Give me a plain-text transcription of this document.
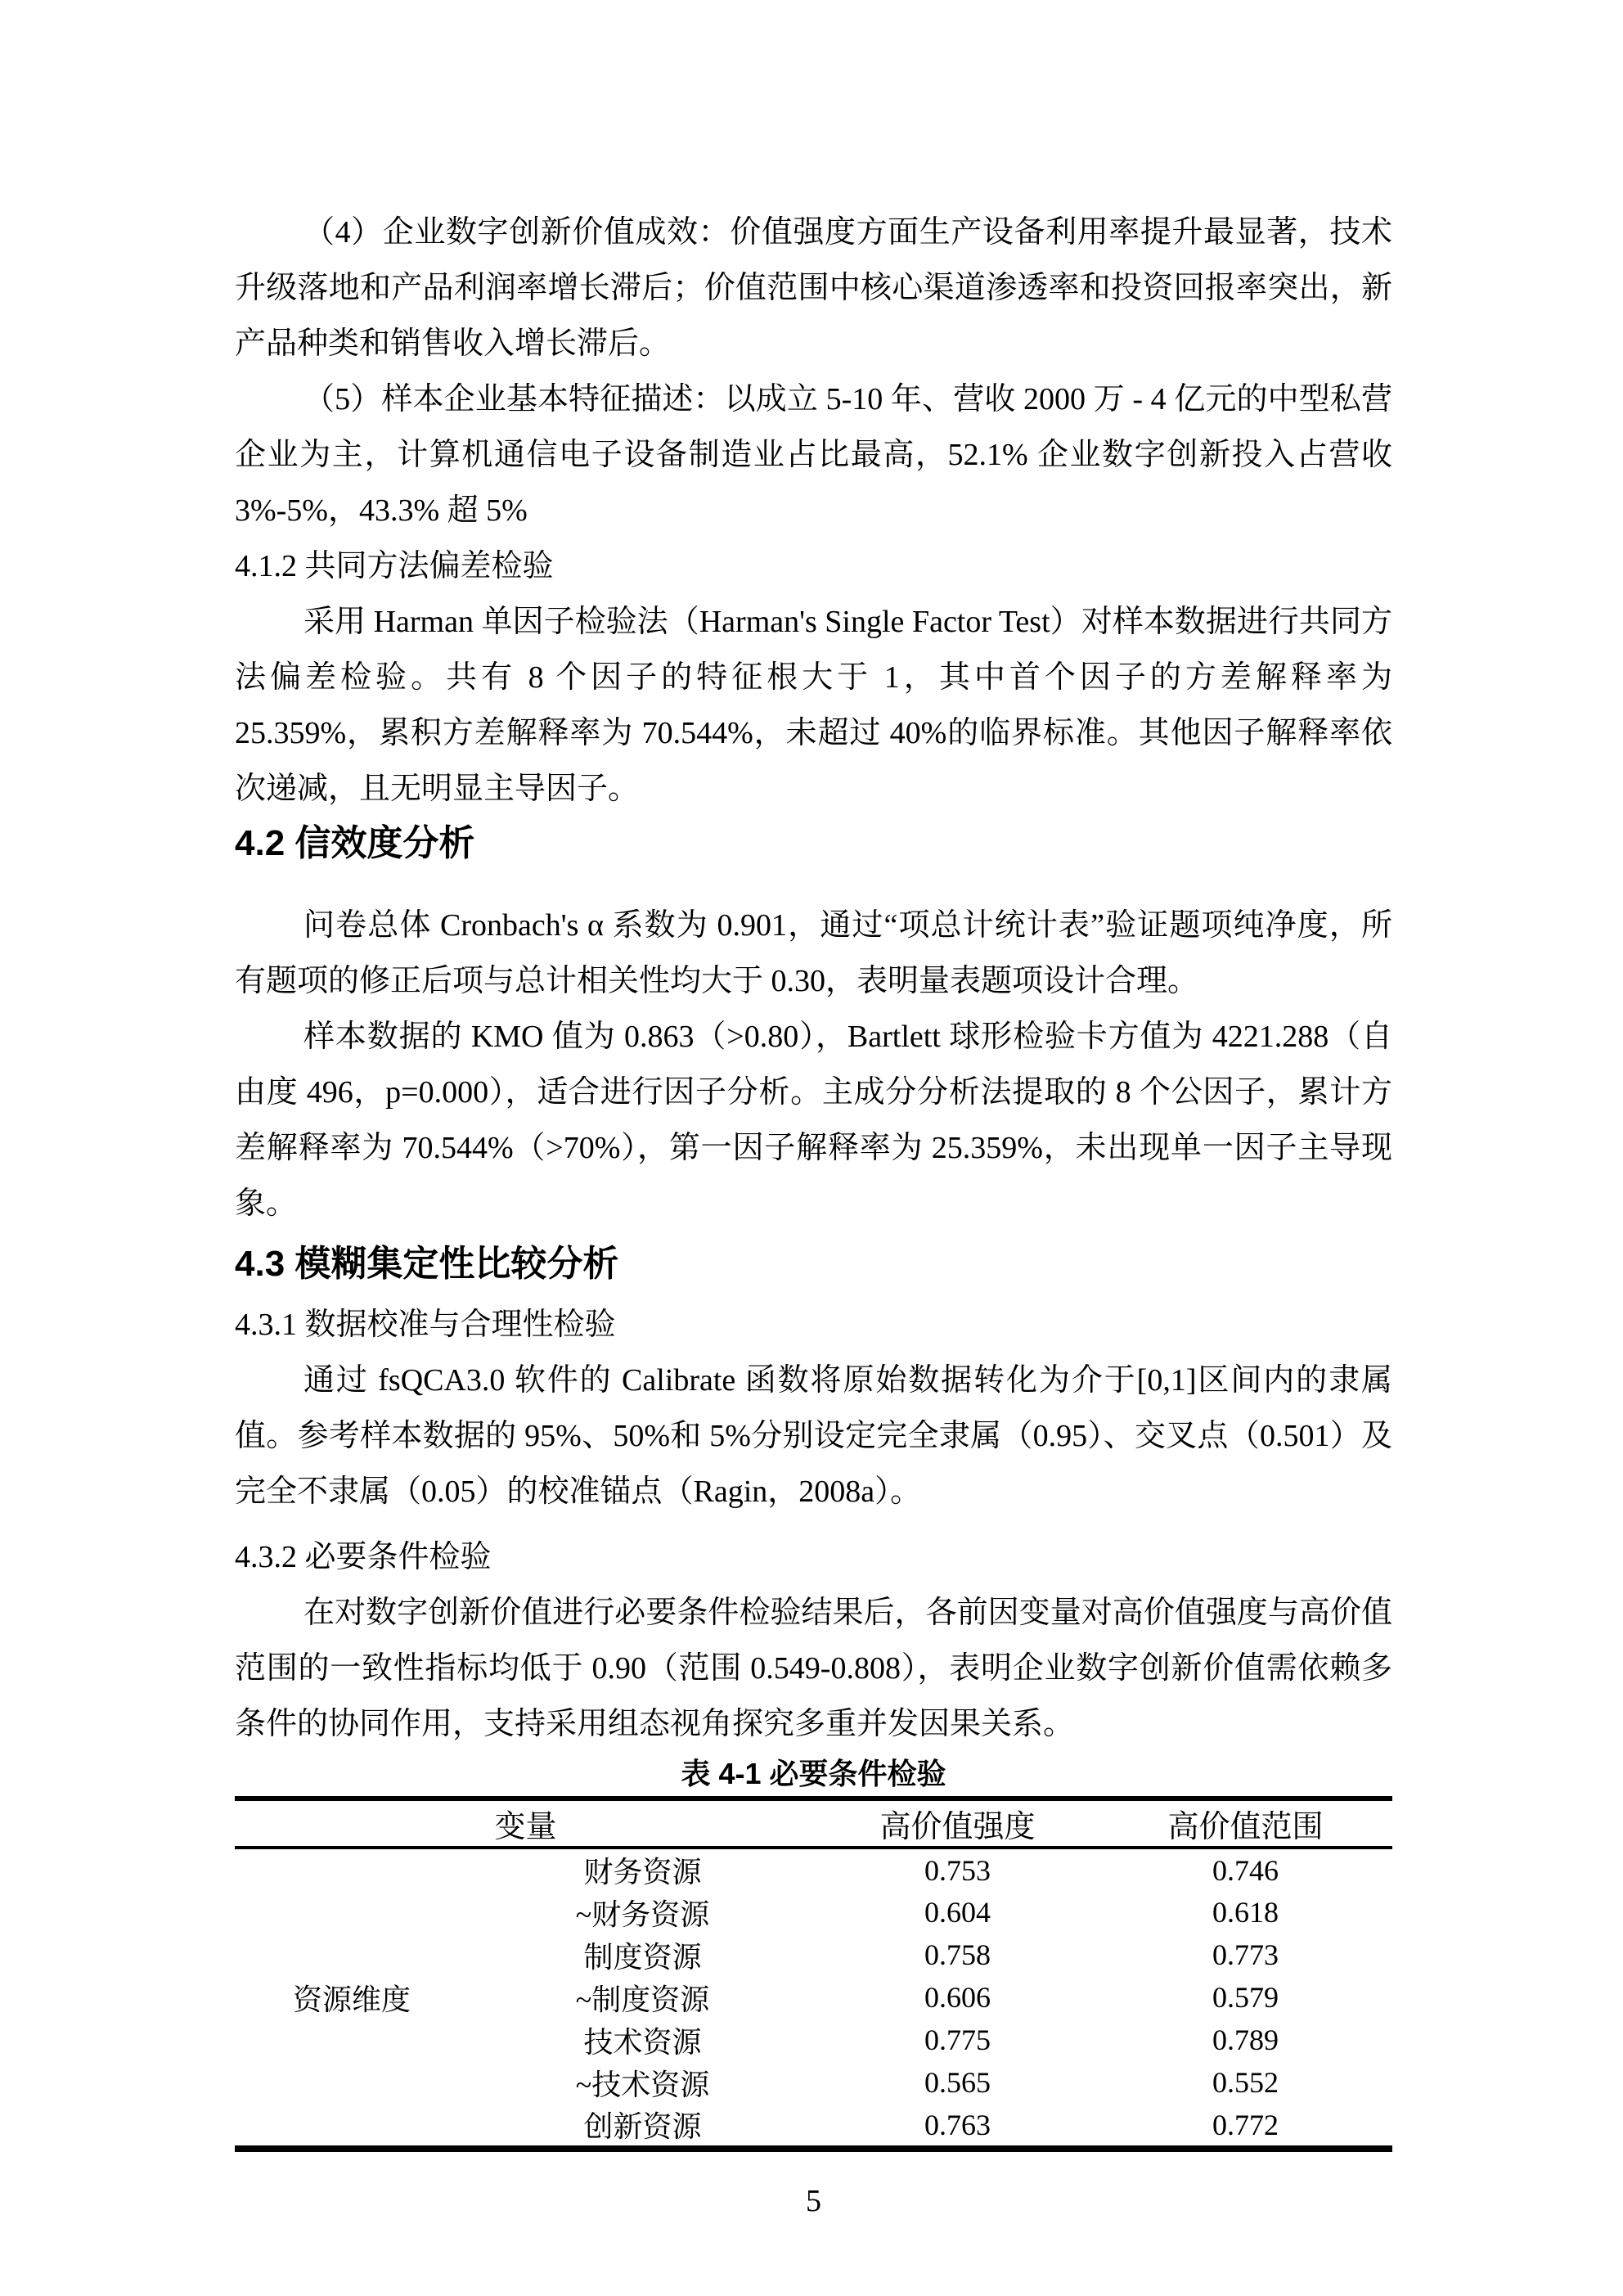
（4）企业数字创新价值成效：价值强度方面生产设备利用率提升最显著，技术升级落地和产品利润率增长滞后；价值范围中核心渠道渗透率和投资回报率突出，新产品种类和销售收入增长滞后。

（5）样本企业基本特征描述：以成立 5-10 年、营收 2000 万 - 4 亿元的中型私营企业为主，计算机通信电子设备制造业占比最高，52.1% 企业数字创新投入占营收 3%-5%，43.3% 超 5%

4.1.2 共同方法偏差检验

采用 Harman 单因子检验法（Harman's Single Factor Test）对样本数据进行共同方法偏差检验。共有 8 个因子的特征根大于 1，其中首个因子的方差解释率为 25.359%，累积方差解释率为 70.544%，未超过 40%的临界标准。其他因子解释率依次递减，且无明显主导因子。

4.2 信效度分析

问卷总体 Cronbach's α 系数为 0.901，通过“项总计统计表”验证题项纯净度，所有题项的修正后项与总计相关性均大于 0.30，表明量表题项设计合理。

样本数据的 KMO 值为 0.863（>0.80），Bartlett 球形检验卡方值为 4221.288（自由度 496，p=0.000），适合进行因子分析。主成分分析法提取的 8 个公因子，累计方差解释率为 70.544%（>70%），第一因子解释率为 25.359%，未出现单一因子主导现象。

4.3 模糊集定性比较分析
4.3.1 数据校准与合理性检验

通过 fsQCA3.0 软件的 Calibrate 函数将原始数据转化为介于[0,1]区间内的隶属值。参考样本数据的 95%、50%和 5%分别设定完全隶属（0.95）、交叉点（0.501）及完全不隶属（0.05）的校准锚点（Ragin，2008a）。

4.3.2 必要条件检验

在对数字创新价值进行必要条件检验结果后，各前因变量对高价值强度与高价值范围的一致性指标均低于 0.90（范围 0.549-0.808），表明企业数字创新价值需依赖多条件的协同作用，支持采用组态视角探究多重并发因果关系。

表 4-1 必要条件检验
变量		高价值强度	高价值范围
资源维度	财务资源	0.753	0.746
	~财务资源	0.604	0.618
	制度资源	0.758	0.773
	~制度资源	0.606	0.579
	技术资源	0.775	0.789
	~技术资源	0.565	0.552
	创新资源	0.763	0.772
5
